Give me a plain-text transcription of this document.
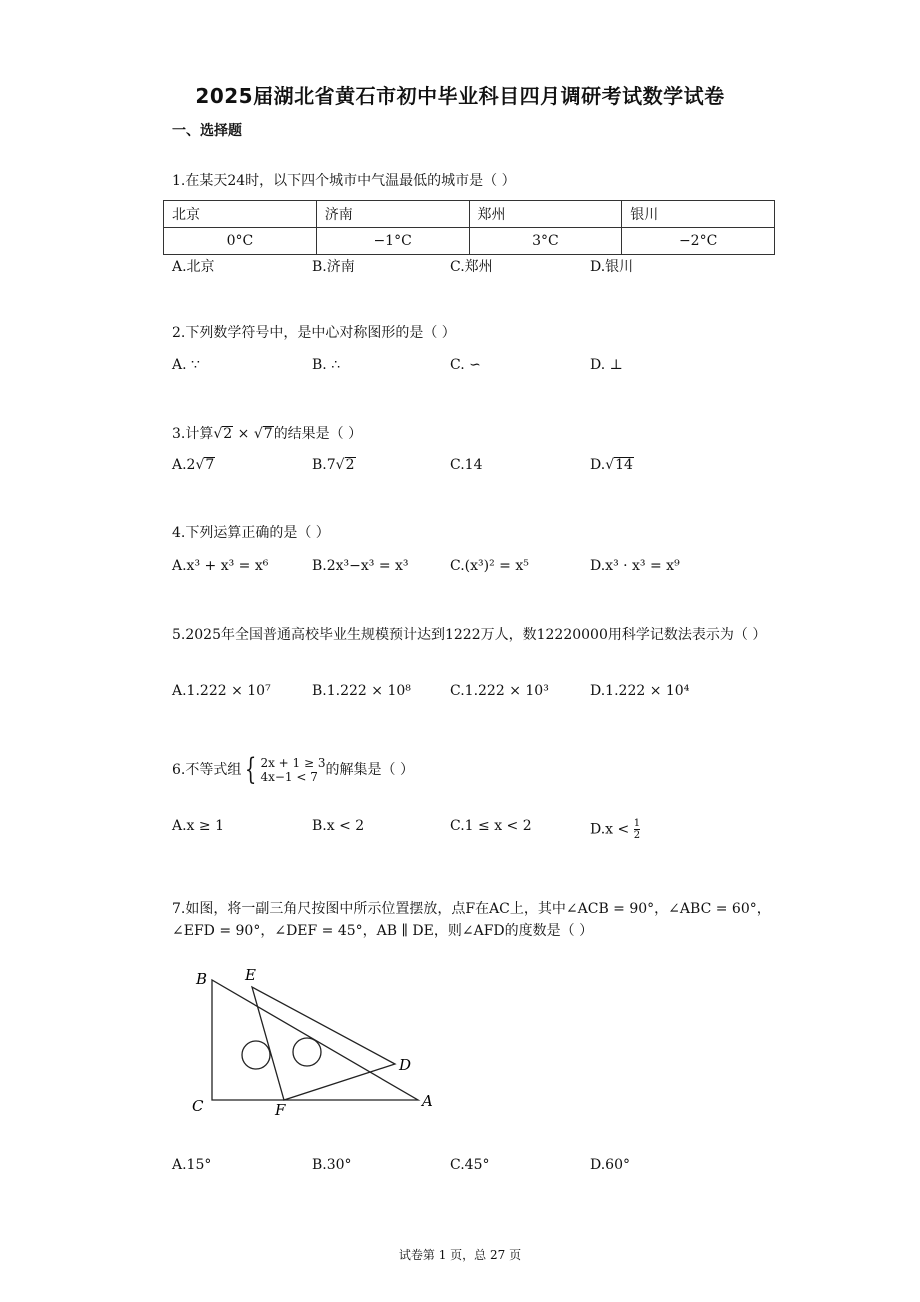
2025届湖北省黄石市初中毕业科目四月调研考试数学试卷
一、选择题
1.在某天24时，以下四个城市中气温最低的城市是（ ）
北京	济南	郑州	银川
0°C	−1°C	3°C	−2°C
A.北京	B.济南	C.郑州	D.银川
2.下列数学符号中，是中心对称图形的是（ ）
A. ∵	B. ∴	C. ∽	D. ⊥
3.计算√2 × √7的结果是（ ）
A.2√7	B.7√2	C.14	D.√14
4.下列运算正确的是（ ）
A.x³ + x³ = x⁶	B.2x³−x³ = x³	C.(x³)² = x⁵	D.x³ · x³ = x⁹
5.2025年全国普通高校毕业生规模预计达到1222万人，数12220000用科学记数法表示为（ ）
A.1.222 × 10⁷	B.1.222 × 10⁸	C.1.222 × 10³	D.1.222 × 10⁴
6.不等式组 { 2x + 1 ≥ 3
4x−1 < 7 的解集是（ ）
A.x ≥ 1	B.x < 2	C.1 ≤ x < 2	$D.x < \frac{1}{2}$
7.如图，将一副三角尺按图中所示位置摆放，点F在AC上，其中∠ACB = 90°，∠ABC = 60°，
∠EFD = 90°，∠DEF = 45°，AB ∥ DE，则∠AFD的度数是（ ）
B	E
D
C	F	A
A.15°	B.30°	C.45°	D.60°
试卷第 1 页，总 27 页
